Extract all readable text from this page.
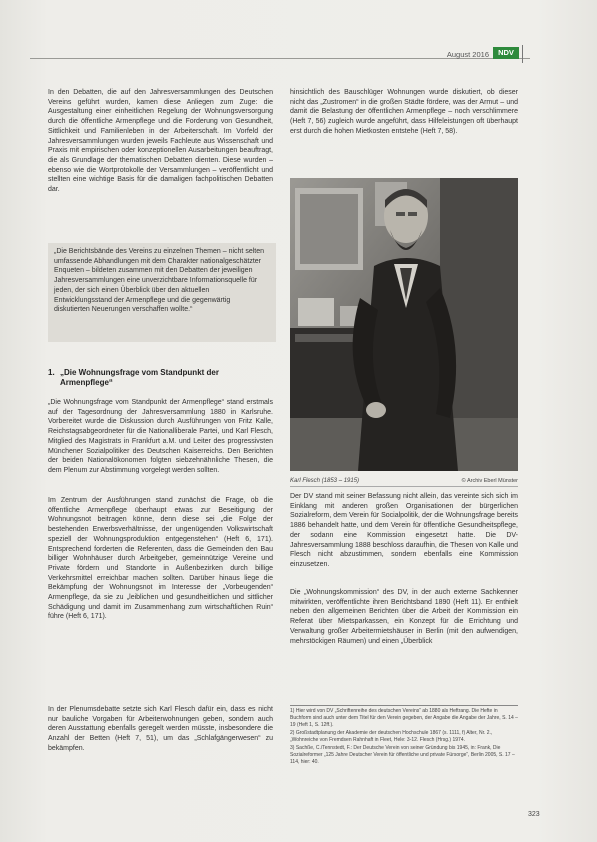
August 2016	NDV

In den Debatten, die auf den Jahresversammlungen des Deutschen Vereins geführt wurden, kamen diese Anliegen zum Zuge: die Ausgestaltung einer einheitlichen Regelung der Wohnungsversorgung durch die öffentliche Armenpflege und die Forderung von Gesundheit, Sittlichkeit und Familienleben in der Arbeiterschaft. Im Vorfeld der Jahresversammlungen wurden jeweils Fachleute aus Wissenschaft und Praxis mit empirischen oder konzeptionellen Ausarbeitungen beauftragt, die als Grundlage der thematischen Debatten dienten. Diese wurden – ebenso wie die Wortprotokolle der Versammlungen – veröffentlicht und stellten eine wichtige Basis für die damaligen fachpolitischen Debatten dar.

„Die Berichtsbände des Vereins zu einzelnen Themen – nicht selten umfassende Abhandlungen mit dem Charakter nationalgeschätzter Enqueten – bildeten zusammen mit den Debatten der jeweiligen Jahresversammlungen eine unverzichtbare Informationsquelle für jeden, der sich einen Überblick über den aktuellen Entwicklungsstand der Armenpflege und die gegenwärtig diskutierten Neuerungen verschaffen wollte.“

1. „Die Wohnungsfrage vom Standpunkt der
Armenpflege“

„Die Wohnungsfrage vom Standpunkt der Armenpflege“ stand erstmals auf der Tagesordnung der Jahresversammlung 1880 in Karlsruhe. Vorbereitet wurde die Diskussion durch Ausführungen von Fritz Kalle, Reichstagsabgeordneter für die Nationalliberale Partei, und Karl Flesch, Mitglied des Magistrats in Frankfurt a.M. und Leiter des progressivsten Münchener Sozialpolitiker des Deutschen Kaiserreichs. Den Berichten der beiden Nationalökonomen folgten siebzehnähnliche Thesen, die dem Plenum zur Abstimmung vorgelegt werden sollten.

Im Zentrum der Ausführungen stand zunächst die Frage, ob die öffentliche Armenpflege überhaupt etwas zur Beseitigung der Wohnungsnot beitragen könne, denn diese sei „die Folge der bestehenden Erwerbsverhältnisse, der ungenügenden Volkswirtschaft speziell der Wohnungsproduktion entgegenstehen“ (Heft 6, 171). Entsprechend forderten die Referenten, dass die Gemeinden den Bau billiger Wohnhäuser durch Arbeitgeber, gemeinnützige Vereine und Private fördern und Standorte in Außenbezirken durch billige Verkehrsmittel erreichbar machen sollten. Darüber hinaus liege die Bekämpfung der Wohnungsnot im Interesse der „Vorbeugenden“ Armenpflege, da sie zu „leiblichen und gesundheitlichen und sittlicher Schädigung und damit im Zusammenhang zum wirtschaftlichen Ruin“ führe (Heft 6, 171).

In der Plenumsdebatte setzte sich Karl Flesch dafür ein, dass es nicht nur bauliche Vorgaben für Arbeiterwohnungen geben, sondern auch deren Ausstattung ebenfalls geregelt werden müsste, insbesondere die Anzahl der Betten (Heft 7, 51), um das „Schlafgängerwesen“ zu bekämpfen.

hinsichtlich des Bauschlüger Wohnungen wurde diskutiert, ob dieser nicht das „Zustromen“ in die großen Städte fördere, was der Armut – und damit die Belastung der öffentlichen Armenpflege – noch verschlimmere (Heft 7, 56) zugleich wurde angeführt, dass Hilfeleistungen oft überhaupt erst durch die hohen Mietkosten entstehe (Heft 7, 58).

Karl Flesch (1853 – 1915)	© Archiv Eberl Münster

Der DV stand mit seiner Befassung nicht allein, das vereinte sich sich im Einklang mit anderen großen Organisationen der bürgerlichen Sozialreform, dem Verein für Socialpolitik, der die Wohnungsfrage bereits 1886 behandelt hatte, und dem Verein für öffentliche Gesundheitspflege, der sodann eine Kommission eingesetzt hatte. Die DV-Jahresversammlung 1888 beschloss daraufhin, die Thesen von Kalle und Flesch nicht abzustimmen, sondern ebenfalls eine Kommission einzusetzen.

Die „Wohnungskommission“ des DV, in der auch externe Sachkenner mitwirkten, veröffentlichte ihren Berichtsband 1890 (Heft 11). Er enthielt neben den allgemeinen Berichten über die Arbeit der Kommission ein Referat über Mietsparkassen, ein Konzept für die Errichtung und Verwaltung großer Arbeitermietshäuser in Berlin (mit den aufwendigen, mehrstöckigen Räumen) und einen „Überblick

1) Hier wird von DV „Schriftenreihe des deutschen Vereins“ ab 1880 als Heftrang. Die Hefte in Buchform sind auch unter dem Titel für den Verein gegeben, der Angabe die Angabe der Jahre, S. 14 – 19 (Heft 1, S. 12ff.).

2) Großstadtplanung der Akademie der deutschen Hochschule 1867 (s. 1111, f) Alter, Nr. 2., „Wohnreiche von Fremdsen Rahnhaft in Fleet, Hele: 3-12. Flesch (Hrsg.) 1974.

3) Sachße, C./Tennstedt, F.: Der Deutsche Verein von seiner Gründung bis 1945, in: Frank, Die Sozialreformer „125 Jahre Deutscher Verein für öffentliche und private Fürsorge“, Berlin 2005, S. 17 – 114, hier: 40.

323
